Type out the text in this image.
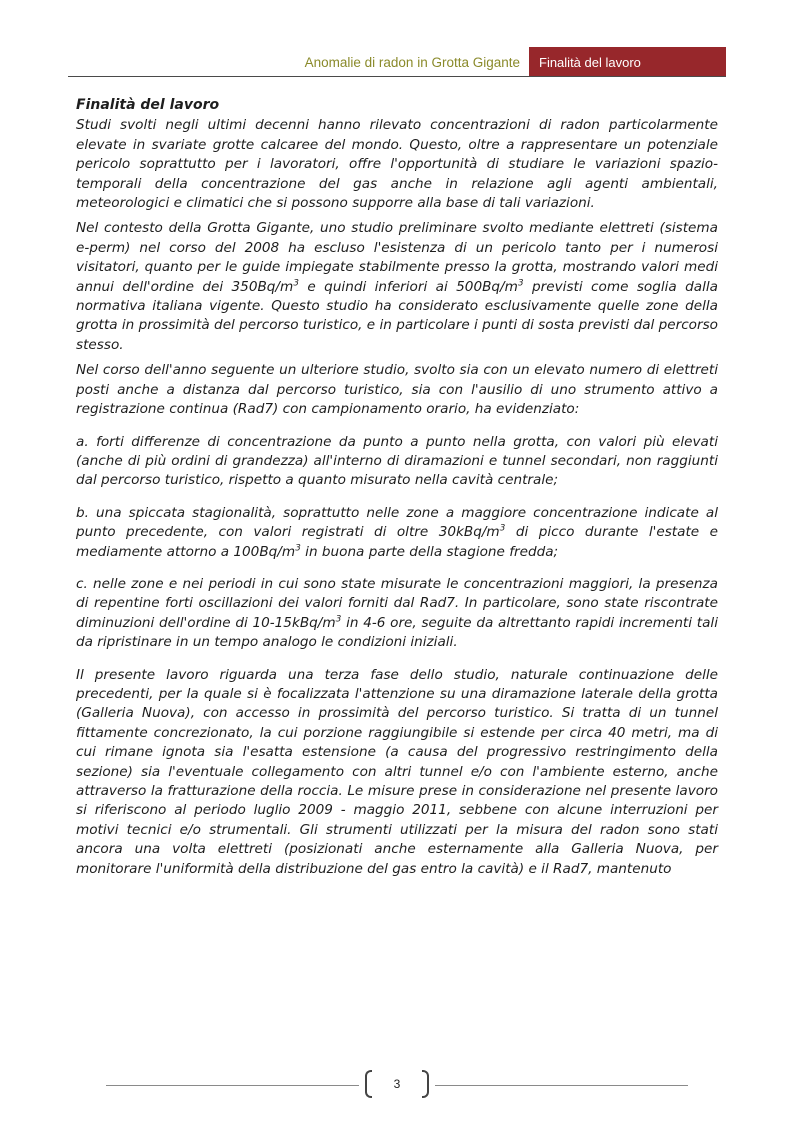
Anomalie di radon in Grotta Gigante	Finalità del lavoro
Finalità del lavoro

Studi svolti negli ultimi decenni hanno rilevato concentrazioni di radon particolarmente elevate in svariate grotte calcaree del mondo. Questo, oltre a rappresentare un potenziale pericolo soprattutto per i lavoratori, offre l'opportunità di studiare le variazioni spazio-temporali della concentrazione del gas anche in relazione agli agenti ambientali, meteorologici e climatici che si possono supporre alla base di tali variazioni.

Nel contesto della Grotta Gigante, uno studio preliminare svolto mediante elettreti (sistema e-perm) nel corso del 2008 ha escluso l'esistenza di un pericolo tanto per i numerosi visitatori, quanto per le guide impiegate stabilmente presso la grotta, mostrando valori medi annui dell'ordine dei $350Bq/m^3$ e quindi inferiori ai $500Bq/m^3$ previsti come soglia dalla normativa italiana vigente. Questo studio ha considerato esclusivamente quelle zone della grotta in prossimità del percorso turistico, e in particolare i punti di sosta previsti dal percorso stesso.

Nel corso dell'anno seguente un ulteriore studio, svolto sia con un elevato numero di elettreti posti anche a distanza dal percorso turistico, sia con l'ausilio di uno strumento attivo a registrazione continua (Rad7) con campionamento orario, ha evidenziato:

a. forti differenze di concentrazione da punto a punto nella grotta, con valori più elevati (anche di più ordini di grandezza) all'interno di diramazioni e tunnel secondari, non raggiunti dal percorso turistico, rispetto a quanto misurato nella cavità centrale;

b. una spiccata stagionalità, soprattutto nelle zone a maggiore concentrazione indicate al punto precedente, con valori registrati di oltre $30kBq/m^3$ di picco durante l'estate e mediamente attorno a $100Bq/m^3$ in buona parte della stagione fredda;

c. nelle zone e nei periodi in cui sono state misurate le concentrazioni maggiori, la presenza di repentine forti oscillazioni dei valori forniti dal Rad7. In particolare, sono state riscontrate diminuzioni dell'ordine di $10-15kBq/m^3$ in 4-6 ore, seguite da altrettanto rapidi incrementi tali da ripristinare in un tempo analogo le condizioni iniziali.

Il presente lavoro riguarda una terza fase dello studio, naturale continuazione delle precedenti, per la quale si è focalizzata l'attenzione su una diramazione laterale della grotta (Galleria Nuova), con accesso in prossimità del percorso turistico. Si tratta di un tunnel fittamente concrezionato, la cui porzione raggiungibile si estende per circa 40 metri, ma di cui rimane ignota sia l'esatta estensione (a causa del progressivo restringimento della sezione) sia l'eventuale collegamento con altri tunnel e/o con l'ambiente esterno, anche attraverso la fratturazione della roccia. Le misure prese in considerazione nel presente lavoro si riferiscono al periodo luglio 2009 - maggio 2011, sebbene con alcune interruzioni per motivi tecnici e/o strumentali. Gli strumenti utilizzati per la misura del radon sono stati ancora una volta elettreti (posizionati anche esternamente alla Galleria Nuova, per monitorare l'uniformità della distribuzione del gas entro la cavità) e il Rad7, mantenuto

3
